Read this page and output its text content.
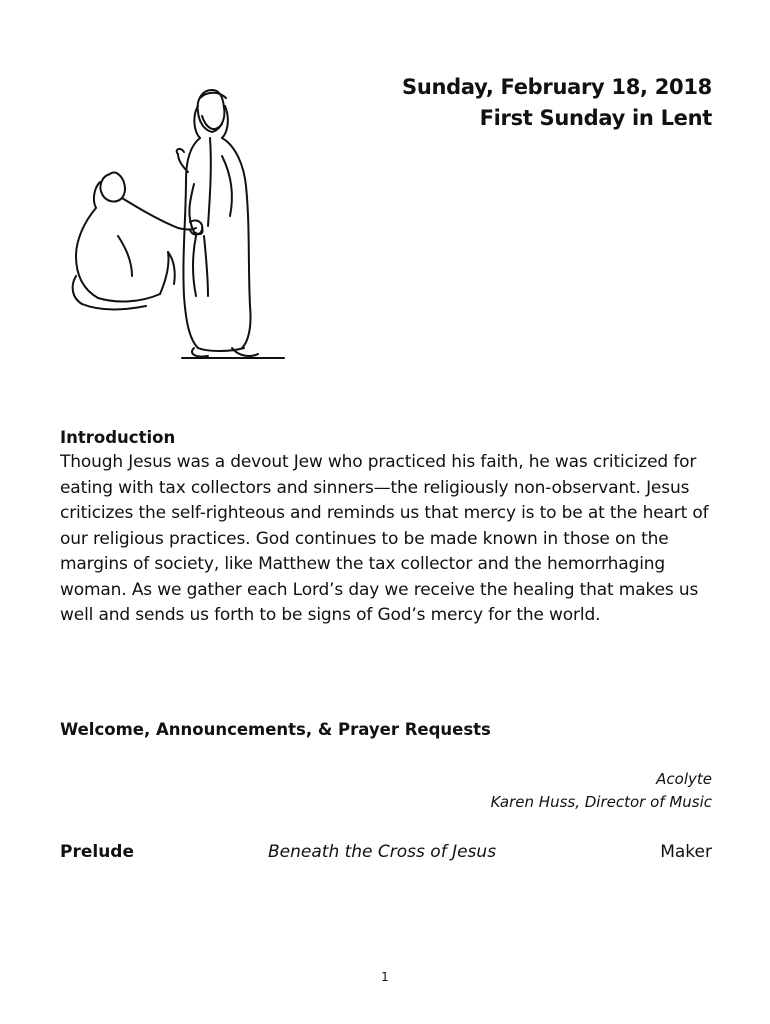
Sunday, February 18, 2018
First Sunday in Lent
Introduction
Though Jesus was a devout Jew who practiced his faith, he was criticized for eating with tax collectors and sinners—the religiously non-observant. Jesus criticizes the self-righteous and reminds us that mercy is to be at the heart of our religious practices. God continues to be made known in those on the margins of society, like Matthew the tax collector and the hemorrhaging woman. As we gather each Lord’s day we receive the healing that makes us well and sends us forth to be signs of God’s mercy for the world.
Welcome, Announcements, & Prayer Requests
Acolyte
Karen Huss, Director of Music
Prelude	Beneath the Cross of Jesus	Maker
1
